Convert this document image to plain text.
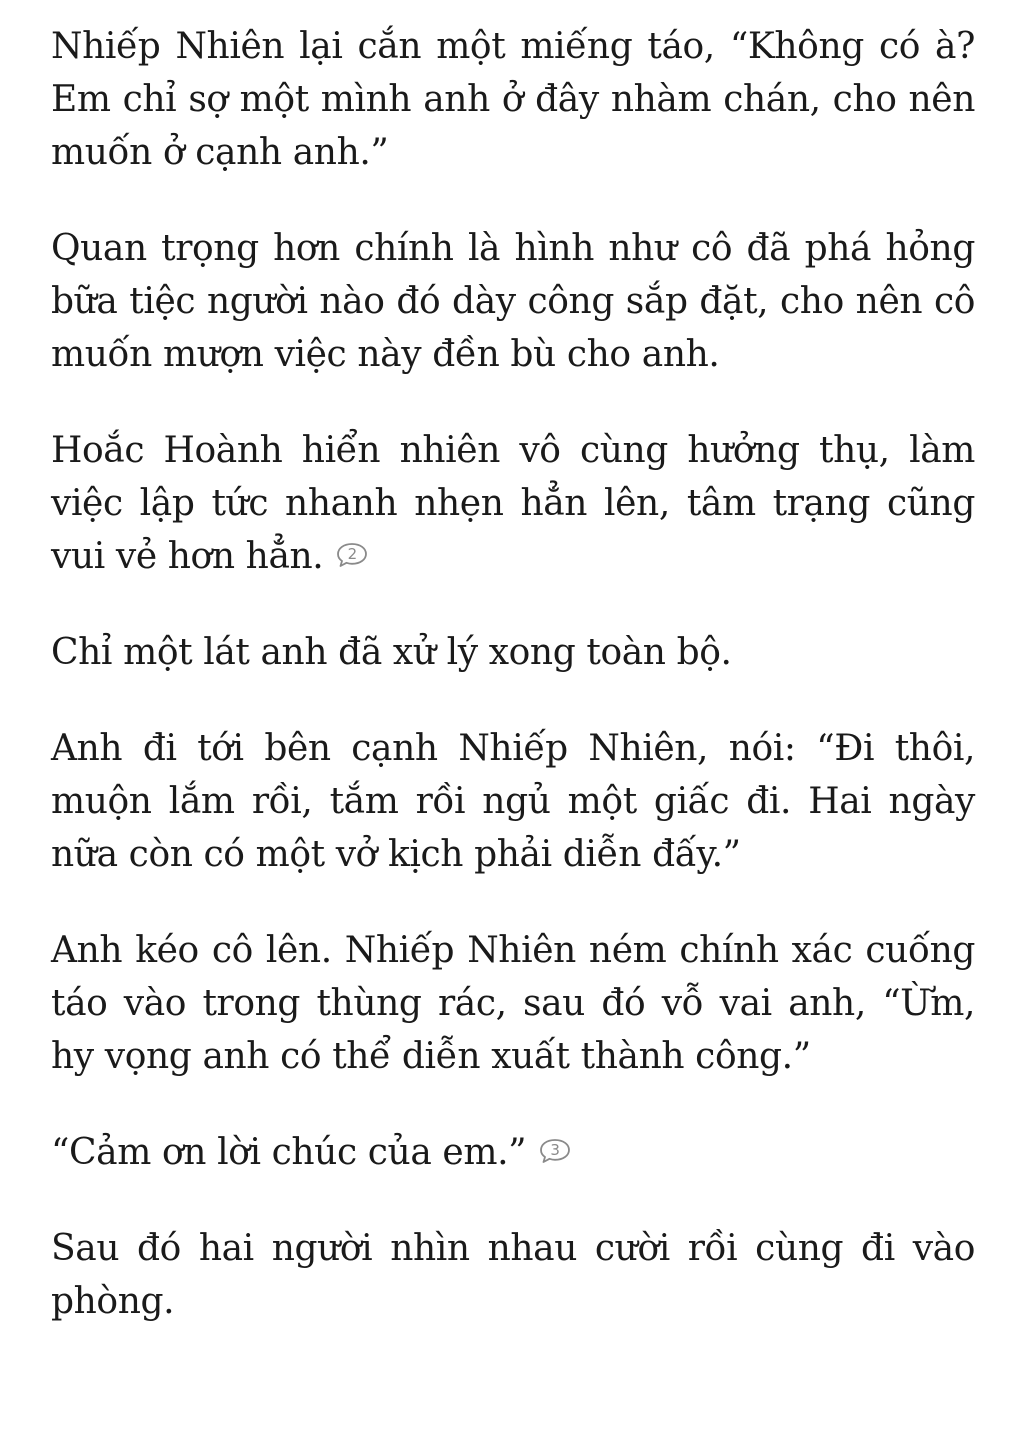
Nhiếp Nhiên lại cắn một miếng táo, “Không có à? Em chỉ sợ một mình anh ở đây nhàm chán, cho nên muốn ở cạnh anh.”

Quan trọng hơn chính là hình như cô đã phá hỏng bữa tiệc người nào đó dày công sắp đặt, cho nên cô muốn mượn việc này đền bù cho anh.

Hoắc Hoành hiển nhiên vô cùng hưởng thụ, làm việc lập tức nhanh nhẹn hẳn lên, tâm trạng cũng vui vẻ hơn hẳn.	2

Chỉ một lát anh đã xử lý xong toàn bộ.

Anh đi tới bên cạnh Nhiếp Nhiên, nói: “Đi thôi, muộn lắm rồi, tắm rồi ngủ một giấc đi. Hai ngày nữa còn có một vở kịch phải diễn đấy.”

Anh kéo cô lên. Nhiếp Nhiên ném chính xác cuống táo vào trong thùng rác, sau đó vỗ vai anh, “Ừm, hy vọng anh có thể diễn xuất thành công.”

“Cảm ơn lời chúc của em.”	3

Sau đó hai người nhìn nhau cười rồi cùng đi vào phòng.
